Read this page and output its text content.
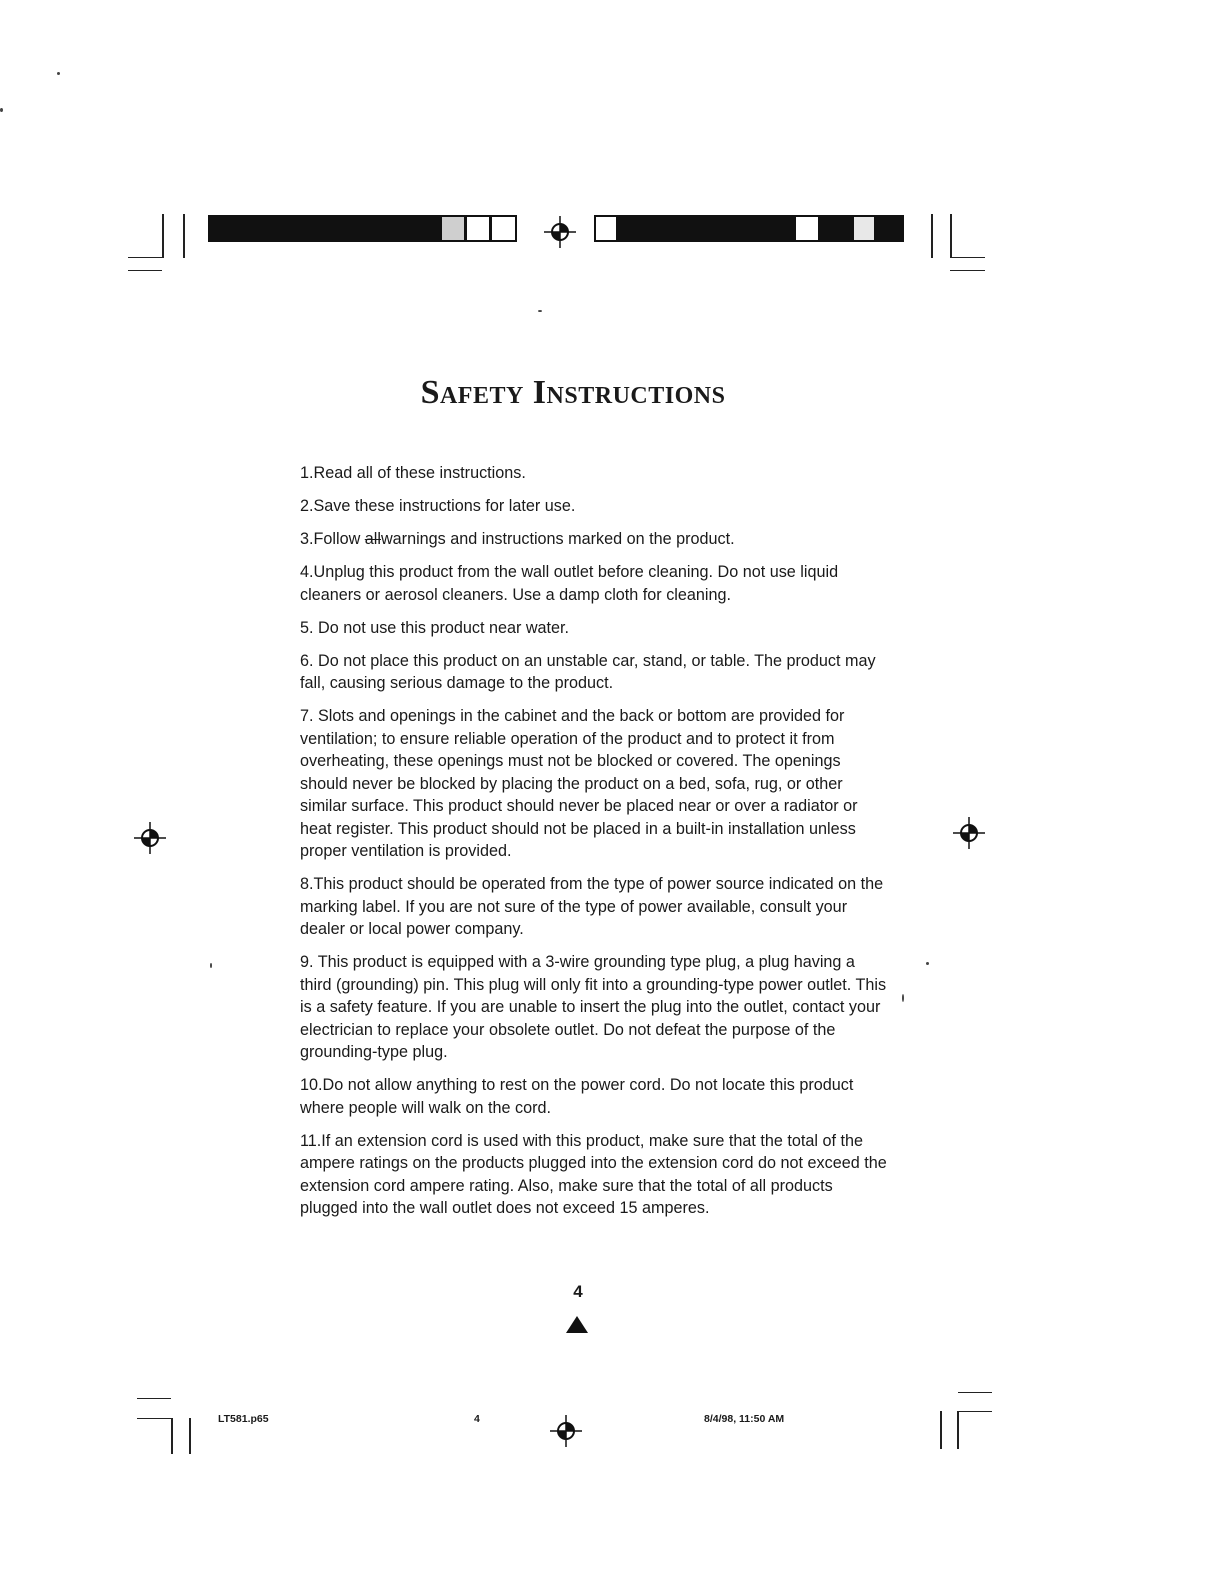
Safety Instructions
1.Read all of these instructions.
2.Save these instructions for later use.
3.Follow allwarnings and instructions marked on the product.
4.Unplug this product from the wall outlet before cleaning. Do not use liquid cleaners or aerosol cleaners. Use a damp cloth for cleaning.
5. Do not use this product near water.
6. Do not place this product on an unstable car, stand, or table. The product may fall, causing serious damage to the product.
7. Slots and openings in the cabinet and the back or bottom are provided for ventilation; to ensure reliable operation of the product and to protect it from overheating, these openings must not be blocked or covered. The openings should never be blocked by placing the product on a bed, sofa, rug, or other similar surface. This product should never be placed near or over a radiator or heat register. This product should not be placed in a built-in installation unless proper ventilation is provided.
8.This product should be operated from the type of power source indicated on the marking label. If you are not sure of the type of power available, consult your dealer or local power company.
9. This product is equipped with a 3-wire grounding type plug, a plug having a third (grounding) pin. This plug will only fit into a grounding-type power outlet. This is a safety feature. If you are unable to insert the plug into the outlet, contact your electrician to replace your obsolete outlet. Do not defeat the purpose of the grounding-type plug.
10.Do not allow anything to rest on the power cord. Do not locate this product where people will walk on the cord.
11.If an extension cord is used with this product, make sure that the total of the ampere ratings on the products plugged into the extension cord do not exceed the extension cord ampere rating. Also, make sure that the total of all products plugged into the wall outlet does not exceed 15 amperes.
4
LT581.p65	4	8/4/98, 11:50 AM
